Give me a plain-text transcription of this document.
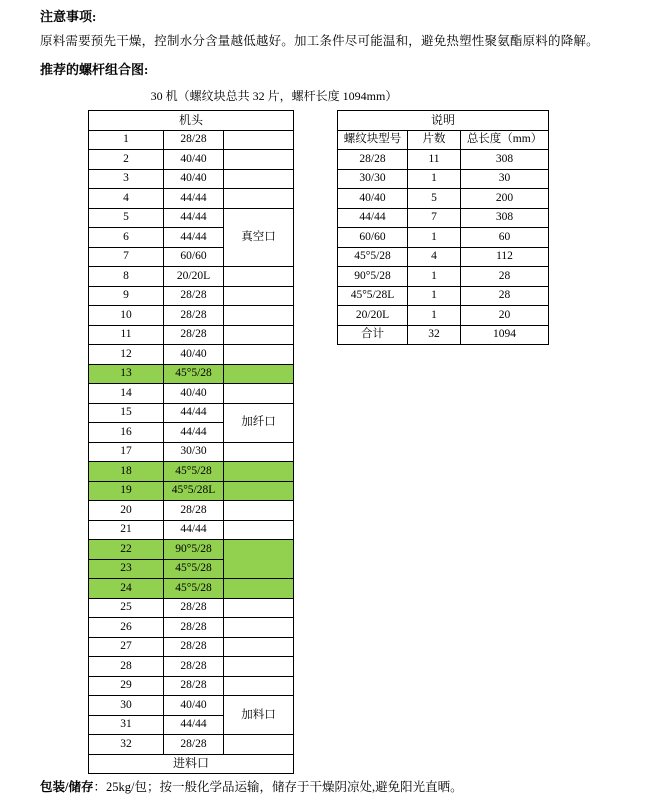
注意事项:
原料需要预先干燥，控制水分含量越低越好。加工条件尽可能温和，避免热塑性聚氨酯原料的降解。
推荐的螺杆组合图:
30 机（螺纹块总共 32 片，螺杆长度 1094mm）
机头		
1	28/28	
2	40/40	
3	40/40	
4	44/44	
5	44/44	真空口
6	44/44	
7	60/60	
8	20/20L	
9	28/28	
10	28/28	
11	28/28	
12	40/40	
13	45°5/28	
14	40/40	
15	44/44	加纤口
16	44/44	
17	30/30	
18	45°5/28	
19	45°5/28L	
20	28/28	
21	44/44	
22	90°5/28	
23	45°5/28	
24	45°5/28	
25	28/28	
26	28/28	
27	28/28	
28	28/28	
29	28/28	
30	40/40	加料口
31	44/44	
32	28/28	
进料口		
说明		
螺纹块型号	片数	总长度（mm）
28/28	11	308
30/30	1	30
40/40	5	200
44/44	7	308
60/60	1	60
45°5/28	4	112
90°5/28	1	28
45°5/28L	1	28
20/20L	1	20
合计	32	1094
包装/储存：25kg/包；按一般化学品运输，储存于干燥阴凉处,避免阳光直晒。
